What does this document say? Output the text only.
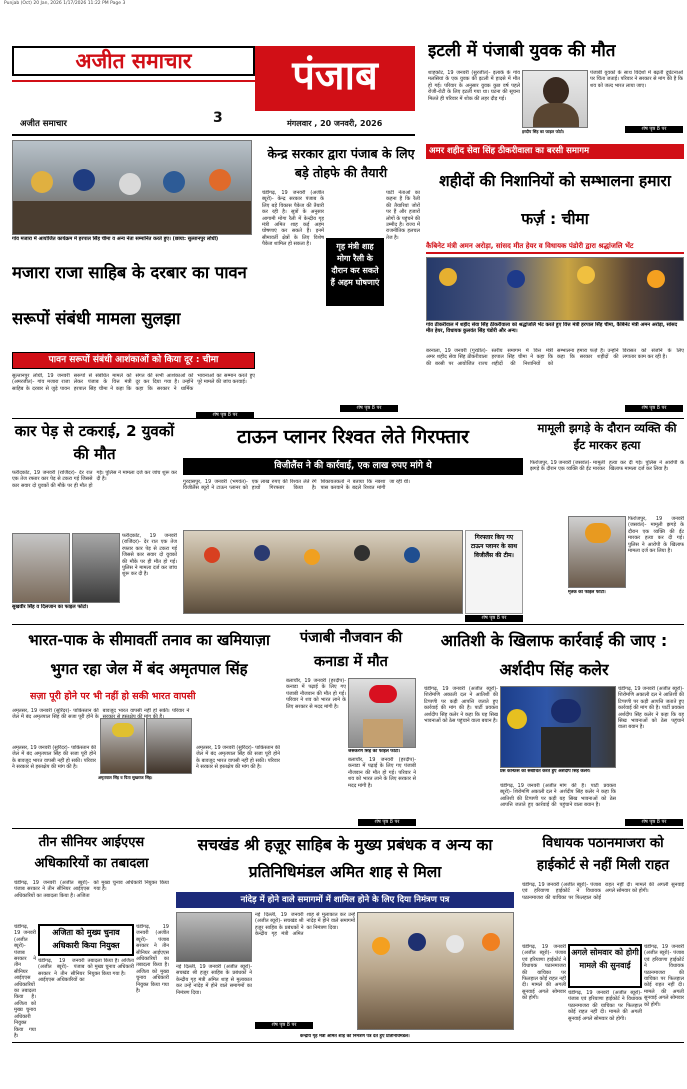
Punjab (Oct) 20 Jan, 2026 1/17/2026 11:22 PM Page 3
अजीत समाचार	पंजाब
अजीत समाचार	3	मंगलवार , 20 जनवरी, 2026
इटली में पंजाबी युवक की मौत
शाहकोट, 19 जनवरी (सुरजीत)- इलाके के गांव मलसियां के एक युवक की इटली में हादसे में मौत हो गई। परिवार के अनुसार युवक कुछ वर्ष पहले रोजी-रोटी के लिए इटली गया था। घटना की सूचना मिलते ही परिवार में शोक की लहर दौड़ गई।
हरदीप सिंह का फाइल फोटो।
पंजाबी युवकों के साथ विदेशों में बढ़ती दुर्घटनाओं पर चिंता जताई। परिवार ने सरकार से मांग की है कि शव को जल्द भारत लाया जाए।
शेष पृष्ठ 8 पर
गांव मजारा में आयोजित कार्यक्रम में हरपाल सिंह चीमा व अन्य नेता सम्मानित करते हुए। (छाया: सुल्तानपुर लोधी)
मजारा राजा साहिब के दरबार का पावन सरूपों संबंधी मामला सुलझा
पावन सरूपों संबंधी आशंकाओं को किया दूर : चीमा
सुल्तानपुर लोधी, 19 जनवरी (अमरजीत)- गांव मजारा राजा साहिब के दरबार से जुड़े पावन सरूपों से संबंधित मामले को लेकर पंजाब के वित्त मंत्री हरपाल सिंह चीमा ने कहा कि संगत की सभी आशंकाओं को दूर कर दिया गया है। उन्होंने कहा कि सरकार ने धार्मिक भावनाओं का सम्मान करते हुए पूरे मामले की जांच करवाई।
शेष पृष्ठ 8 पर
केन्द्र सरकार द्वारा पंजाब के लिए बड़े तोहफे की तैयारी
चंडीगढ़, 19 जनवरी (अजीत ब्यूरो)- केन्द्र सरकार पंजाब के लिए बड़े विकास पैकेज की तैयारी कर रही है। सूत्रों के अनुसार आगामी मोगा रैली में केन्द्रीय गृह मंत्री अमित शाह कई अहम घोषणाएं कर सकते हैं। इनमें सीमावर्ती क्षेत्रों के लिए विशेष पैकेज शामिल हो सकता है।	गृह मंत्री शाह मोगा रैली के दौरान कर सकते हैं अहम घोषणाएं
पार्टी नेताओं का कहना है कि रैली की तैयारियां जोरों पर हैं और हजारों लोगों के पहुंचने की उम्मीद है। राज्य में राजनीतिक हलचल तेज है।
शेष पृष्ठ 8 पर
अमर शहीद सेवा सिंह ठीकरीवाला का बरसी समागम
शहीदों की निशानियों को सम्भालना हमारा फर्ज़ : चीमा
कैबिनेट मंत्री अमन अरोड़ा, सांसद मीत हेयर व विधायक पंडोरी द्वारा श्रद्धांजलि भेंट
गांव ठीकरीवाल में शहीद सेवा सिंह ठीकरीवाला को श्रद्धांजलि भेंट करते हुए वित्त मंत्री हरपाल सिंह चीमा, कैबिनेट मंत्री अमन अरोड़ा, सांसद मीत हेयर, विधायक कुलवंत सिंह पंडोरी और अन्य।
बरनाला, 19 जनवरी (गुरप्रीत)- अमर शहीद सेवा सिंह ठीकरीवाला की बरसी पर आयोजित राज्य स्तरीय समागम में वित्त मंत्री हरपाल सिंह चीमा ने कहा कि शहीदों की निशानियों को सम्भालना हमारा फर्ज़ है। उन्होंने कहा कि सरकार शहीदों की विरासत को संजोने के लिए लगातार काम कर रही है।
शेष पृष्ठ 8 पर
कार पेड़ से टकराई, 2 युवकों की मौत
फरीदकोट, 19 जनवरी (राजिंदर)- देर रात एक तेज रफ्तार कार पेड़ से टकरा गई जिससे कार सवार दो युवकों की मौके पर ही मौत हो गई। पुलिस ने मामला दर्ज कर जांच शुरू कर दी है।
फरीदकोट, 19 जनवरी (राजिंदर)- देर रात एक तेज रफ्तार कार पेड़ से टकरा गई जिससे कार सवार दो युवकों की मौके पर ही मौत हो गई। पुलिस ने मामला दर्ज कर जांच शुरू कर दी है।
सुखवीर सिंह व दिलजान का फाइल फोटो।
टाऊन प्लानर रिश्वत लेते गिरफ्तार
विजीलैंस ने की कार्रवाई, एक लाख रुपए मांगे थे
गुरदासपुर, 19 जनवरी (भगवंत)- विजीलैंस ब्यूरो ने टाऊन प्लानर को एक लाख रुपए की रिश्वत लेते रंगे हाथों गिरफ्तार किया है। शिकायतकर्ता ने बताया कि नक्शा पास करवाने के बदले रिश्वत मांगी जा रही थी।
गिरफ्तार किए गए टाऊन प्लानर के साथ विजीलैंस की टीम।
शेष पृष्ठ 8 पर
मामूली झगड़े के दौरान व्यक्ति की ईंट मारकर हत्या
फिरोजपुर, 19 जनवरी (जसवंत)- मामूली झगड़े के दौरान एक व्यक्ति की ईंट मारकर हत्या कर दी गई। पुलिस ने आरोपी के खिलाफ मामला दर्ज कर लिया है।
फिरोजपुर, 19 जनवरी (जसवंत)- मामूली झगड़े के दौरान एक व्यक्ति की ईंट मारकर हत्या कर दी गई। पुलिस ने आरोपी के खिलाफ मामला दर्ज कर लिया है।
मृतक का फाइल फोटो।
भारत-पाक के सीमावर्ती तनाव का खमियाज़ा भुगत रहा जेल में बंद अमृतपाल सिंह
सज़ा पूरी होने पर भी नहीं हो सकी भारत वापसी
अमृतसर, 19 जनवरी (सुरिंदर)- पाकिस्तान की जेल में बंद अमृतपाल सिंह की सजा पूरी होने के बावजूद भारत वापसी नहीं हो सकी। परिवार ने
अमृतपाल सिंह व पिता सुखराज सिंह।
अमृतसर, 19 जनवरी (सुरिंदर)- पाकिस्तान की जेल में बंद अमृतपाल सिंह की सजा पूरी होने के बावजूद भारत वापसी नहीं हो सकी। परिवार ने सरकार से हस्तक्षेप की मांग की है।
अमृतसर, 19 जनवरी (सुरिंदर)- पाकिस्तान की जेल में बंद अमृतपाल सिंह की सजा पूरी होने के बावजूद भारत वापसी नहीं हो सकी। परिवार ने सरकार से हस्तक्षेप की मांग की है।
पंजाबी नौजवान की कनाडा में मौत
बलाचौर, 19 जनवरी (हरदीप)- कनाडा में पढ़ाई के लिए गए पंजाबी नौजवान की मौत हो गई। परिवार ने शव को भारत लाने के लिए सरकार से मदद मांगी है।
जसकरण सिंह का फाइल फोटो।
बलाचौर, 19 जनवरी (हरदीप)- कनाडा में पढ़ाई के लिए गए पंजाबी नौजवान की मौत हो गई। परिवार ने शव को भारत लाने के लिए सरकार से मदद मांगी है।
शेष पृष्ठ 8 पर
आतिशी के खिलाफ कार्रवाई की जाए : अर्शदीप सिंह कलेर
चंडीगढ़, 19 जनवरी (अजीत ब्यूरो)- शिरोमणि अकाली दल ने आतिशी की टिप्पणी पर कड़ी आपत्ति जताते हुए कार्रवाई की मांग की है। पार्टी प्रवक्ता अर्शदीप सिंह कलेर ने कहा कि यह सिख भावनाओं को ठेस पहुंचाने वाला बयान है।
प्रेस कॉन्फ्रेंस को संबोधित करते हुए अर्शदीप सिंह कलेर।
चंडीगढ़, 19 जनवरी (अजीत ब्यूरो)- शिरोमणि अकाली दल ने आतिशी की टिप्पणी पर कड़ी आपत्ति जताते हुए कार्रवाई की मांग की है। पार्टी प्रवक्ता अर्शदीप सिंह कलेर ने कहा कि यह सिख भावनाओं को ठेस पहुंचाने वाला बयान है।
चंडीगढ़, 19 जनवरी (अजीत ब्यूरो)- शिरोमणि अकाली दल ने आतिशी की टिप्पणी पर कड़ी आपत्ति जताते हुए कार्रवाई की मांग की है। पार्टी प्रवक्ता अर्शदीप सिंह कलेर ने कहा कि यह सिख भावनाओं को ठेस पहुंचाने वाला बयान है।
शेष पृष्ठ 8 पर
तीन सीनियर आईएएस अधिकारियों का तबादला
चंडीगढ़, 19 जनवरी (अजीत ब्यूरो)- पंजाब सरकार ने तीन सीनियर आईएएस अधिकारियों का तबादला किया है। अजिता को मुख्य चुनाव अधिकारी नियुक्त किया गया है।
अजिता को मुख्य चुनाव अधिकारी किया नियुक्त
चंडीगढ़, 19 जनवरी (अजीत ब्यूरो)- पंजाब सरकार ने तीन सीनियर आईएएस अधिकारियों का तबादला किया है। अजिता को मुख्य चुनाव अधिकारी नियुक्त किया गया है।
चंडीगढ़, 19 जनवरी (अजीत ब्यूरो)- पंजाब सरकार ने तीन सीनियर आईएएस अधिकारियों का तबादला किया है। अजिता को मुख्य चुनाव अधिकारी नियुक्त किया गया है।
चंडीगढ़, 19 जनवरी (अजीत ब्यूरो)- पंजाब सरकार ने तीन सीनियर आईएएस अधिकारियों का तबादला किया है। अजिता को मुख्य चुनाव अधिकारी नियुक्त किया गया है।
सचखंड श्री हज़ूर साहिब के मुख्य प्रबंधक व अन्य का प्रतिनिधिमंडल अमित शाह से मिला
नांदेड़ में होने वाले समागमों में शामिल होने के लिए दिया निमंत्रण पत्र
नई दिल्ली, 19 जनवरी (अजीत ब्यूरो)- सचखंड श्री हज़ूर साहिब के प्रबंधकों ने केन्द्रीय गृह मंत्री अमित शाह से मुलाकात कर उन्हें नांदेड़ में होने वाले समागमों का निमंत्रण दिया।
नई दिल्ली, 19 जनवरी (अजीत ब्यूरो)- सचखंड श्री हज़ूर साहिब के प्रबंधकों ने केन्द्रीय गृह मंत्री अमित शाह से मुलाकात कर उन्हें नांदेड़ में होने वाले समागमों का निमंत्रण दिया।
शेष पृष्ठ 8 पर
केन्द्रीय गृह मंत्री अमित शाह को निमंत्रण पत्र देते हुए प्रतिनिधिमंडल।
विधायक पठानमाजरा को हाईकोर्ट से नहीं मिली राहत
चंडीगढ़, 19 जनवरी (अजीत ब्यूरो)- पंजाब एवं हरियाणा हाईकोर्ट ने विधायक पठानमाजरा की याचिका पर फिलहाल कोई राहत नहीं दी। मामले की अगली सुनवाई अगले सोमवार को होगी।
अगले सोमवार को होगी मामले की सुनवाई
चंडीगढ़, 19 जनवरी (अजीत ब्यूरो)- पंजाब एवं हरियाणा हाईकोर्ट ने विधायक पठानमाजरा की याचिका पर फिलहाल कोई राहत नहीं दी। मामले की अगली सुनवाई अगले सोमवार को होगी।
चंडीगढ़, 19 जनवरी (अजीत ब्यूरो)- पंजाब एवं हरियाणा हाईकोर्ट ने विधायक पठानमाजरा की याचिका पर फिलहाल कोई राहत नहीं दी। मामले की अगली सुनवाई अगले सोमवार को होगी।
चंडीगढ़, 19 जनवरी (अजीत ब्यूरो)- पंजाब एवं हरियाणा हाईकोर्ट ने विधायक पठानमाजरा की याचिका पर फिलहाल कोई राहत नहीं दी। मामले की अगली सुनवाई अगले सोमवार को होगी।
